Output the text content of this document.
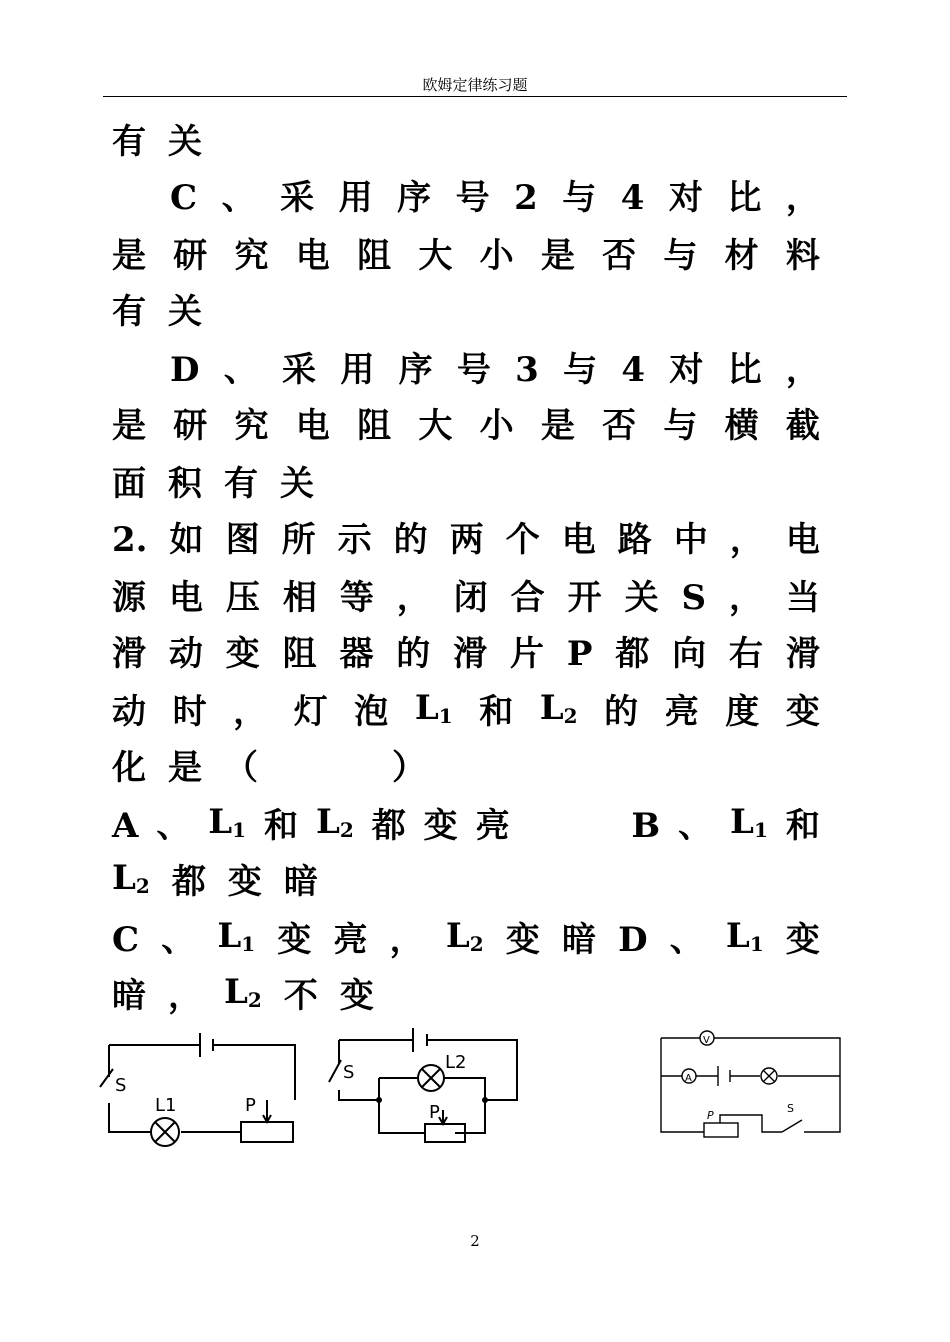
欧姆定律练习题
有 关
C 、 采 用 序 号 2 与 4 对 比 ，
是 研 究 电 阻 大 小 是 否 与 材 料
有 关
D 、 采 用 序 号 3 与 4 对 比 ，
是 研 究 电 阻 大 小 是 否 与 横 截
面 积 有 关
2. 如 图 所 示 的 两 个 电 路 中 ， 电
源 电 压 相 等 ， 闭 合 开 关 S ， 当
滑 动 变 阻 器 的 滑 片 P 都 向 右 滑
动 时 ， 灯 泡 $L_1$ 和 $L_2$ 的 亮 度 变
化 是 （

　	）
A 、 $L_1$ 和 $L_2$ 都 变 亮

　	B 、 $L_1$ 和
$L_2$ 都 变 暗
C 、 $L_1$ 变 亮 ， $L_2$ 变 暗 D 、 $L_1$ 变
暗 ， $L_2$ 不 变
S
L1	P
S	L2
P
V
A
P
S
2
